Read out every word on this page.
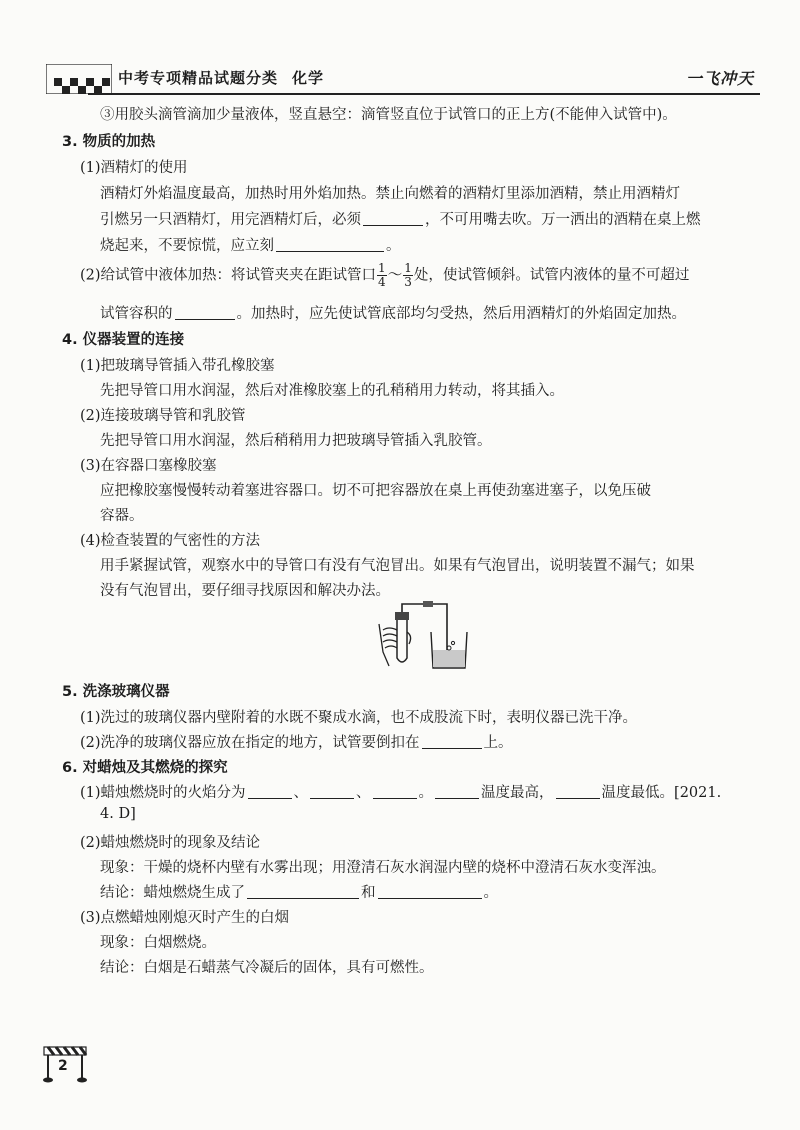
中考专项精品试题分类 化学	一飞冲天
③用胶头滴管滴加少量液体，竖直悬空：滴管竖直位于试管口的正上方(不能伸入试管中)。
3. 物质的加热
(1)酒精灯的使用
酒精灯外焰温度最高，加热时用外焰加热。禁止向燃着的酒精灯里添加酒精，禁止用酒精灯
引燃另一只酒精灯，用完酒精灯后，必须	，不可用嘴去吹。万一洒出的酒精在桌上燃
烧起来，不要惊慌，应立刻	。
(2)给试管中液体加热：将试管夹夹在距试管口 $\frac{1}{4}$ ～ $\frac{1}{3}$ 处，使试管倾斜。试管内液体的量不可超过
试管容积的	。加热时，应先使试管底部均匀受热，然后用酒精灯的外焰固定加热。
4. 仪器装置的连接
(1)把玻璃导管插入带孔橡胶塞
先把导管口用水润湿，然后对准橡胶塞上的孔稍稍用力转动，将其插入。
(2)连接玻璃导管和乳胶管
先把导管口用水润湿，然后稍稍用力把玻璃导管插入乳胶管。
(3)在容器口塞橡胶塞
应把橡胶塞慢慢转动着塞进容器口。切不可把容器放在桌上再使劲塞进塞子，以免压破
容器。
(4)检查装置的气密性的方法
用手紧握试管，观察水中的导管口有没有气泡冒出。如果有气泡冒出，说明装置不漏气；如果
没有气泡冒出，要仔细寻找原因和解决办法。
5. 洗涤玻璃仪器
(1)洗过的玻璃仪器内壁附着的水既不聚成水滴，也不成股流下时，表明仪器已洗干净。
(2)洗净的玻璃仪器应放在指定的地方，试管要倒扣在	上。
6. 对蜡烛及其燃烧的探究
(1)蜡烛燃烧时的火焰分为	、	、	。	温度最高，	温度最低。[2021.
4. D]
(2)蜡烛燃烧时的现象及结论
现象：干燥的烧杯内壁有水雾出现；用澄清石灰水润湿内壁的烧杯中澄清石灰水变浑浊。
结论：蜡烛燃烧生成了	和	。
(3)点燃蜡烛刚熄灭时产生的白烟
现象：白烟燃烧。
结论：白烟是石蜡蒸气冷凝后的固体，具有可燃性。
2
